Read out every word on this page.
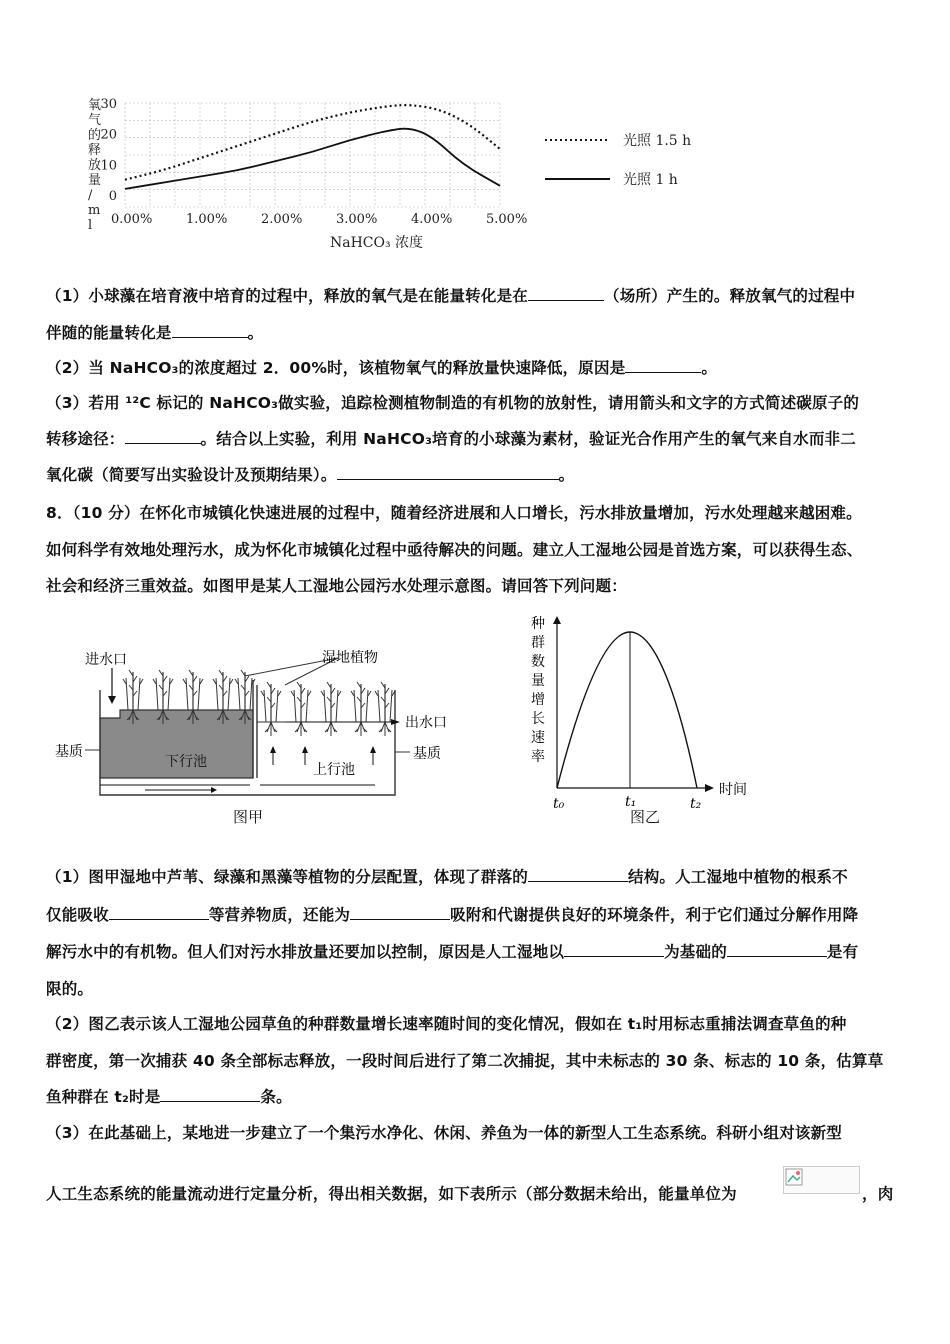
0.00%	1.00%	2.00%	3.00%	4.00%	5.00%
0
10
20
30
氧气的释放量/ m l
NaHCO₃ 浓度
光照 1.5 h
光照 1 h
（1）小球藻在培育液中培育的过程中，释放的氧气是在能量转化是在	（场所）产生的。释放氧气的过程中
伴随的能量转化是	。
（2）当 NaHCO₃的浓度超过 2．00%时，该植物氧气的释放量快速降低，原因是	。
（3）若用 ¹²C 标记的 NaHCO₃做实验，追踪检测植物制造的有机物的放射性，请用箭头和文字的方式简述碳原子的
转移途径：	。结合以上实验，利用 NaHCO₃培育的小球藻为素材，验证光合作用产生的氧气来自水而非二
氧化碳（简要写出实验设计及预期结果）。	。
8．（10 分）在怀化市城镇化快速进展的过程中，随着经济进展和人口增长，污水排放量增加，污水处理越来越困难。
如何科学有效地处理污水，成为怀化市城镇化过程中亟待解决的问题。建立人工湿地公园是首选方案，可以获得生态、
社会和经济三重效益。如图甲是某人工湿地公园污水处理示意图。请回答下列问题：
进水口	湿地植物
出水口
基质	基质
下行池	上行池
图甲
种群数量增长速率
t₀	t₁	t₂
时间
图乙
（1）图甲湿地中芦苇、绿藻和黑藻等植物的分层配置，体现了群落的	结构。人工湿地中植物的根系不
仅能吸收	等营养物质，还能为	吸附和代谢提供良好的环境条件，利于它们通过分解作用降
解污水中的有机物。但人们对污水排放量还要加以控制，原因是人工湿地以	为基础的	是有
限的。
（2）图乙表示该人工湿地公园草鱼的种群数量增长速率随时间的变化情况，假如在 t₁时用标志重捕法调查草鱼的种
群密度，第一次捕获 40 条全部标志释放，一段时间后进行了第二次捕捉，其中未标志的 30 条、标志的 10 条，估算草
鱼种群在 t₂时是	条。
（3）在此基础上，某地进一步建立了一个集污水净化、休闲、养鱼为一体的新型人工生态系统。科研小组对该新型
人工生态系统的能量流动进行定量分析，得出相关数据，如下表所示（部分数据未给出，能量单位为	，肉
